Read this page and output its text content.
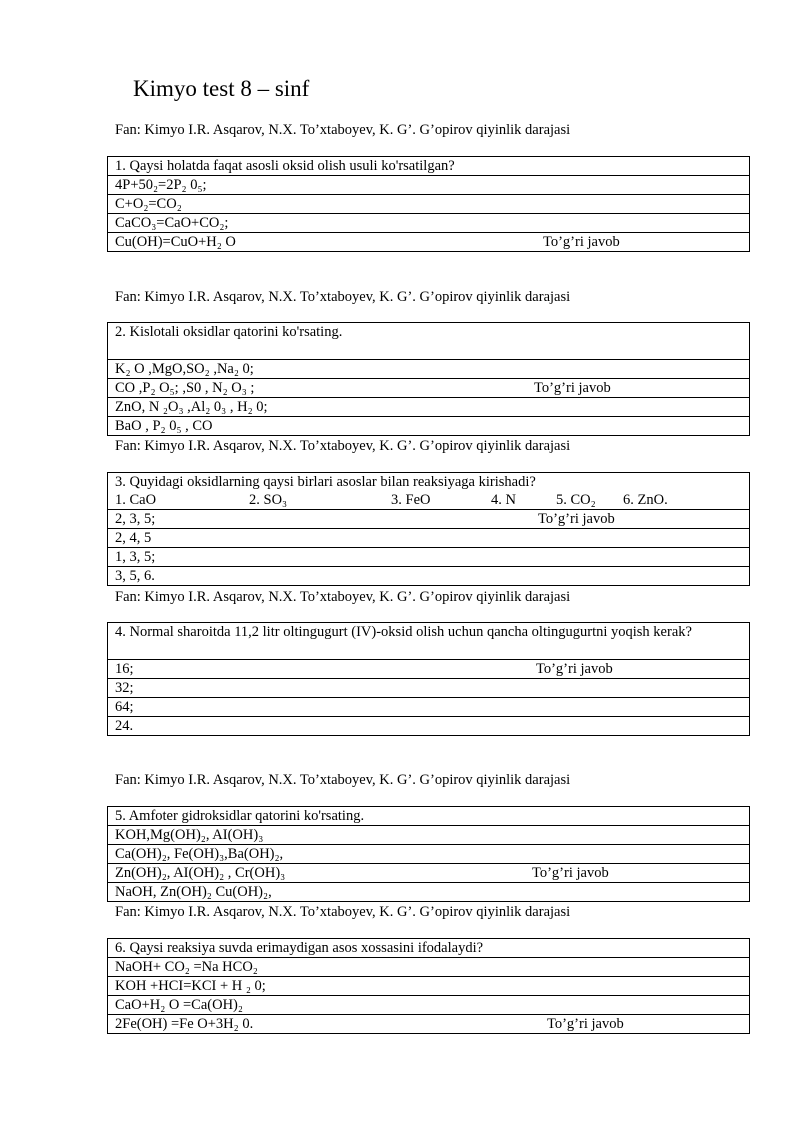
Kimyo test 8 – sinf
Fan: Kimyo I.R. Asqarov, N.X. To’xtaboyev, K. G’. G’opirov qiyinlik darajasi
1. Qaysi holatda faqat asosli oksid olish usuli ko'rsatilgan?
4P+50₂=2P₂ 0₅;
C+O₂=CO₂
CaCO₃=CaO+CO₂;
Cu(OH)=CuO+H₂ O	To’g’ri javob
Fan: Kimyo I.R. Asqarov, N.X. To’xtaboyev, K. G’. G’opirov qiyinlik darajasi
2. Kislotali oksidlar qatorini ko'rsating.
K₂ O ,MgO,SO₂ ,Na₂ 0;
CO ,P₂ O₅; ,S0 , N₂ O₃ ;	To’g’ri javob

ZnO, N ₂O₃ ,Al₂ 0₃ , H₂ 0;
BaO , P₂ 0₅ , CO
Fan: Kimyo I.R. Asqarov, N.X. To’xtaboyev, K. G’. G’opirov qiyinlik darajasi
3. Quyidagi oksidlarning qaysi birlari asoslar bilan reaksiyaga kirishadi?
1. CaO	2. SO₃	3. FeO	4. N	5. CO₂ 6. ZnO.

2, 3, 5;	To’g’ri javob

2, 4, 5
1, 3, 5;
3, 5, 6.
Fan: Kimyo I.R. Asqarov, N.X. To’xtaboyev, K. G’. G’opirov qiyinlik darajasi
4. Normal sharoitda 11,2 litr oltingugurt (IV)-oksid olish uchun qancha oltingugurtni yoqish kerak?
16;	To’g’ri javob

32;
64;
24.
Fan: Kimyo I.R. Asqarov, N.X. To’xtaboyev, K. G’. G’opirov qiyinlik darajasi
5. Amfoter gidroksidlar qatorini ko'rsating.
KOH,Mg(OH)₂, AI(OH)₃
Ca(OH)₂, Fe(OH)₃,Ba(OH)₂,
Zn(OH)₂, AI(OH)₂ , Cr(OH)₃	To’g’ri javob

NaOH, Zn(OH)₂ Cu(OH)₂,
Fan: Kimyo I.R. Asqarov, N.X. To’xtaboyev, K. G’. G’opirov qiyinlik darajasi
6. Qaysi reaksiya suvda erimaydigan asos xossasini ifodalaydi?
NaOH+ CO₂ =Na HCO₂
KOH +HCI=KCI + H ₂ 0;
CaO+H₂ O =Ca(OH)₂
2Fe(OH) =Fe O+3H₂ 0.	To’g’ri javob
